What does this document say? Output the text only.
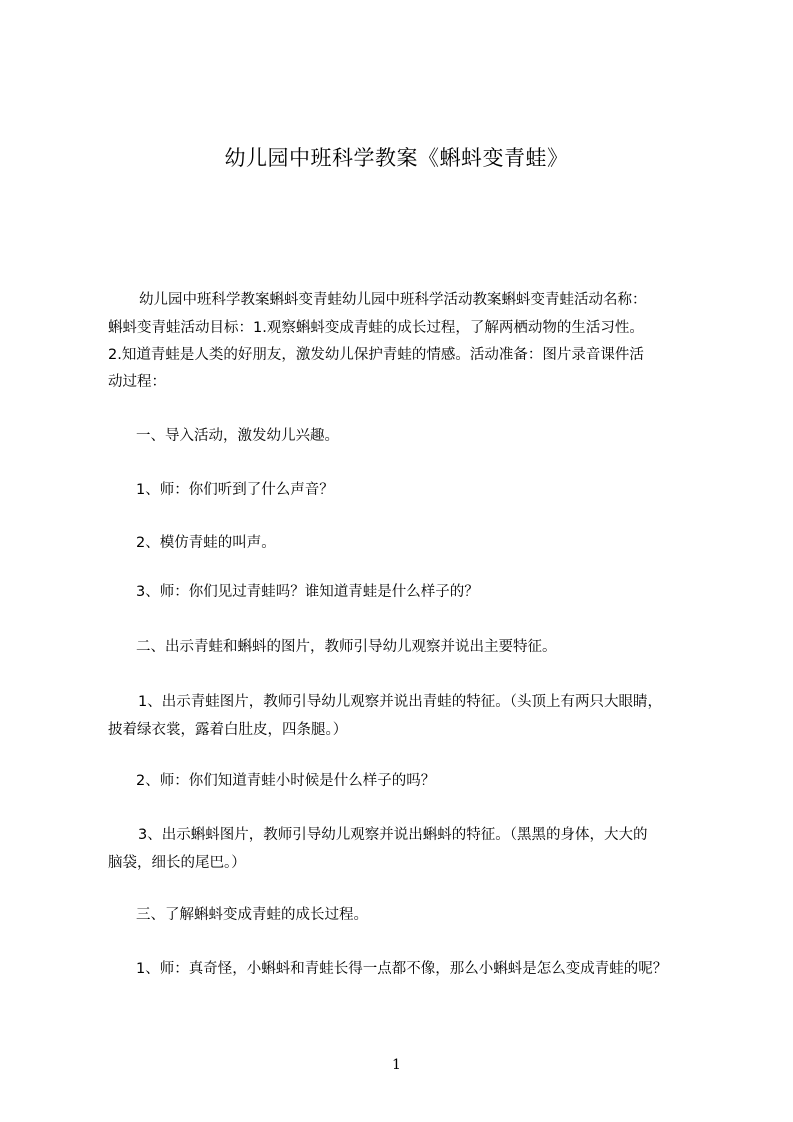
幼儿园中班科学教案《蝌蚪变青蛙》
幼儿园中班科学教案蝌蚪变青蛙幼儿园中班科学活动教案蝌蚪变青蛙活动名称：
蝌蚪变青蛙活动目标：1.观察蝌蚪变成青蛙的成长过程，了解两栖动物的生活习性。
2.知道青蛙是人类的好朋友，激发幼儿保护青蛙的情感。活动准备：图片录音课件活
动过程：
一、导入活动，激发幼儿兴趣。
1、师：你们听到了什么声音？
2、模仿青蛙的叫声。
3、师：你们见过青蛙吗？谁知道青蛙是什么样子的？
二、出示青蛙和蝌蚪的图片，教师引导幼儿观察并说出主要特征。
1、出示青蛙图片，教师引导幼儿观察并说出青蛙的特征。（头顶上有两只大眼睛，
披着绿衣裳，露着白肚皮，四条腿。）
2、师：你们知道青蛙小时候是什么样子的吗？
3、出示蝌蚪图片，教师引导幼儿观察并说出蝌蚪的特征。（黑黑的身体，大大的
脑袋，细长的尾巴。）
三、了解蝌蚪变成青蛙的成长过程。
1、师：真奇怪，小蝌蚪和青蛙长得一点都不像，那么小蝌蚪是怎么变成青蛙的呢？
1
